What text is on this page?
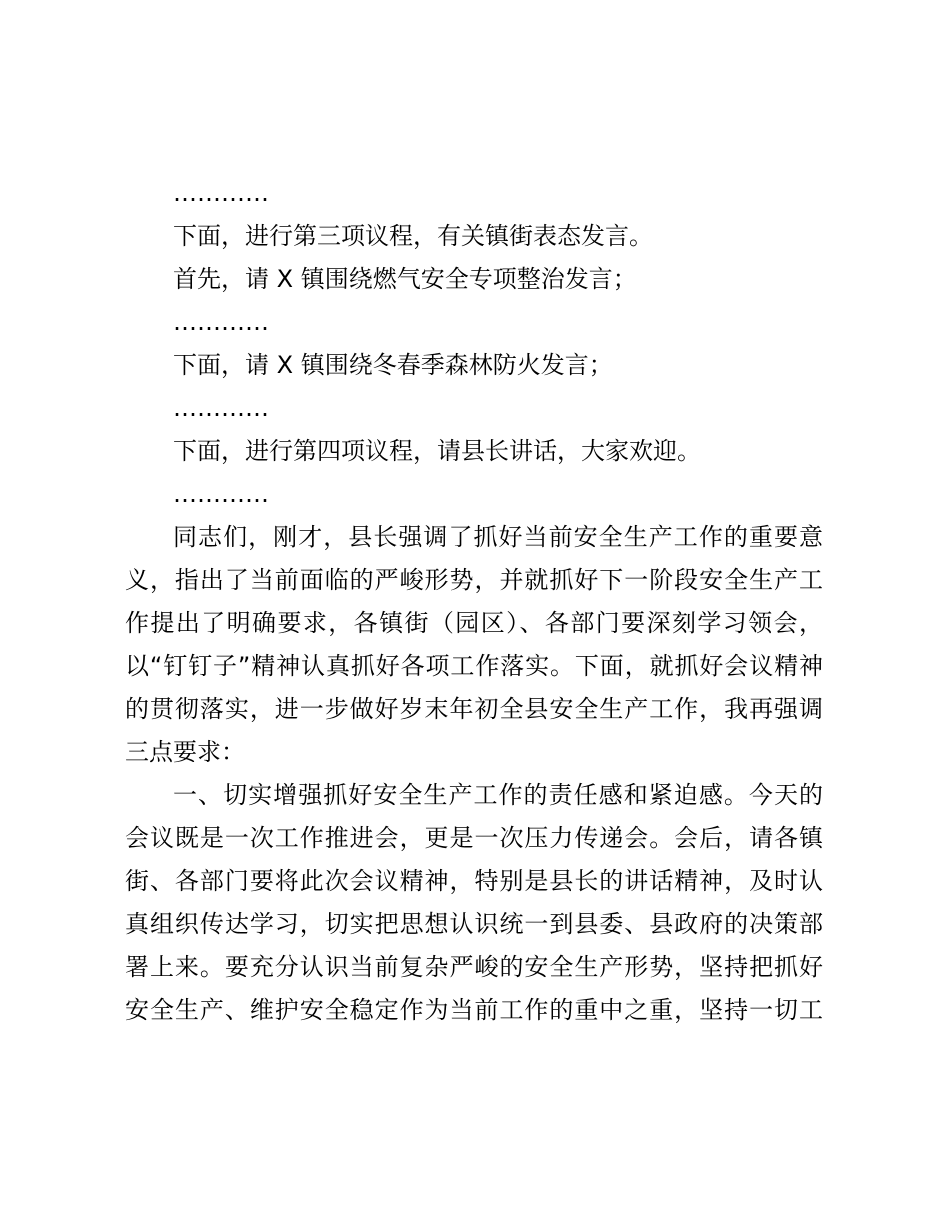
…………
下面，进行第三项议程，有关镇街表态发言。
首先，请 X 镇围绕燃气安全专项整治发言；
…………
下面，请 X 镇围绕冬春季森林防火发言；
…………
下面，进行第四项议程，请县长讲话，大家欢迎。
…………
同志们，刚才，县长强调了抓好当前安全生产工作的重要意
义，指出了当前面临的严峻形势，并就抓好下一阶段安全生产工
作提出了明确要求，各镇街（园区）、各部门要深刻学习领会，
以“钉钉子”精神认真抓好各项工作落实。下面，就抓好会议精神
的贯彻落实，进一步做好岁末年初全县安全生产工作，我再强调
三点要求：
一、切实增强抓好安全生产工作的责任感和紧迫感。今天的
会议既是一次工作推进会，更是一次压力传递会。会后，请各镇
街、各部门要将此次会议精神，特别是县长的讲话精神，及时认
真组织传达学习，切实把思想认识统一到县委、县政府的决策部
署上来。要充分认识当前复杂严峻的安全生产形势，坚持把抓好
安全生产、维护安全稳定作为当前工作的重中之重，坚持一切工
